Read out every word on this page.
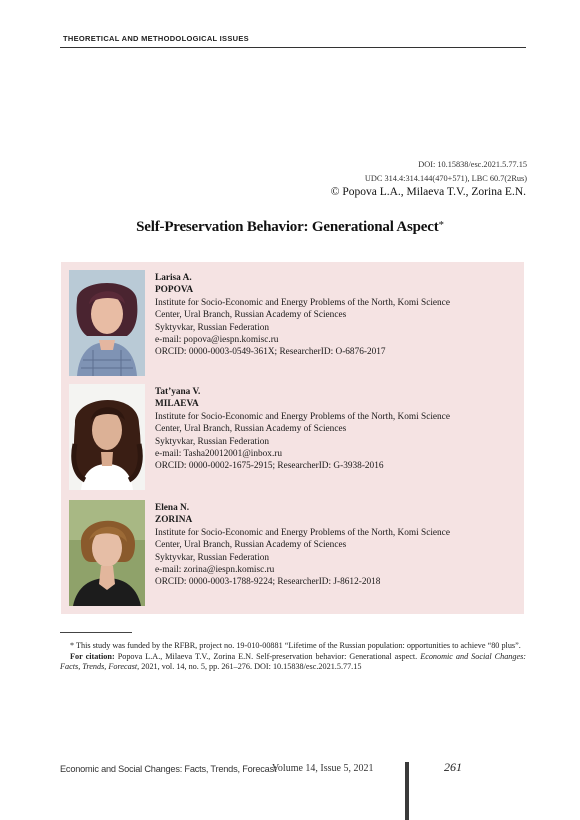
THEORETICAL AND METHODOLOGICAL ISSUES
DOI: 10.15838/esc.2021.5.77.15
UDC 314.4:314.144(470+571), LBC 60.7(2Rus)
© Popova L.A., Milaeva T.V., Zorina E.N.
Self-Preservation Behavior: Generational Aspect*
Larisa A.
POPOVA
Institute for Socio-Economic and Energy Problems of the North, Komi Science
Center, Ural Branch, Russian Academy of Sciences
Syktyvkar, Russian Federation
e-mail: popova@iespn.komisc.ru
ORCID: 0000-0003-0549-361X; ResearcherID: O-6876-2017
Tat’yana V.
MILAEVA
Institute for Socio-Economic and Energy Problems of the North, Komi Science
Center, Ural Branch, Russian Academy of Sciences
Syktyvkar, Russian Federation
e-mail: Tasha20012001@inbox.ru
ORCID: 0000-0002-1675-2915; ResearcherID: G-3938-2016
Elena N.
ZORINA
Institute for Socio-Economic and Energy Problems of the North, Komi Science
Center, Ural Branch, Russian Academy of Sciences
Syktyvkar, Russian Federation
e-mail: zorina@iespn.komisc.ru
ORCID: 0000-0003-1788-9224; ResearcherID: J-8612-2018

* This study was funded by the RFBR, project no. 19-010-00881 “Lifetime of the Russian population: opportunities to achieve “80 plus”.

For citation: Popova L.A., Milaeva T.V., Zorina E.N. Self-preservation behavior: Generational aspect. Economic and Social Changes: Facts, Trends, Forecast, 2021, vol. 14, no. 5, pp. 261–276. DOI: 10.15838/esc.2021.5.77.15

Economic and Social Changes: Facts, Trends, Forecast
Volume 14, Issue 5, 2021	261
